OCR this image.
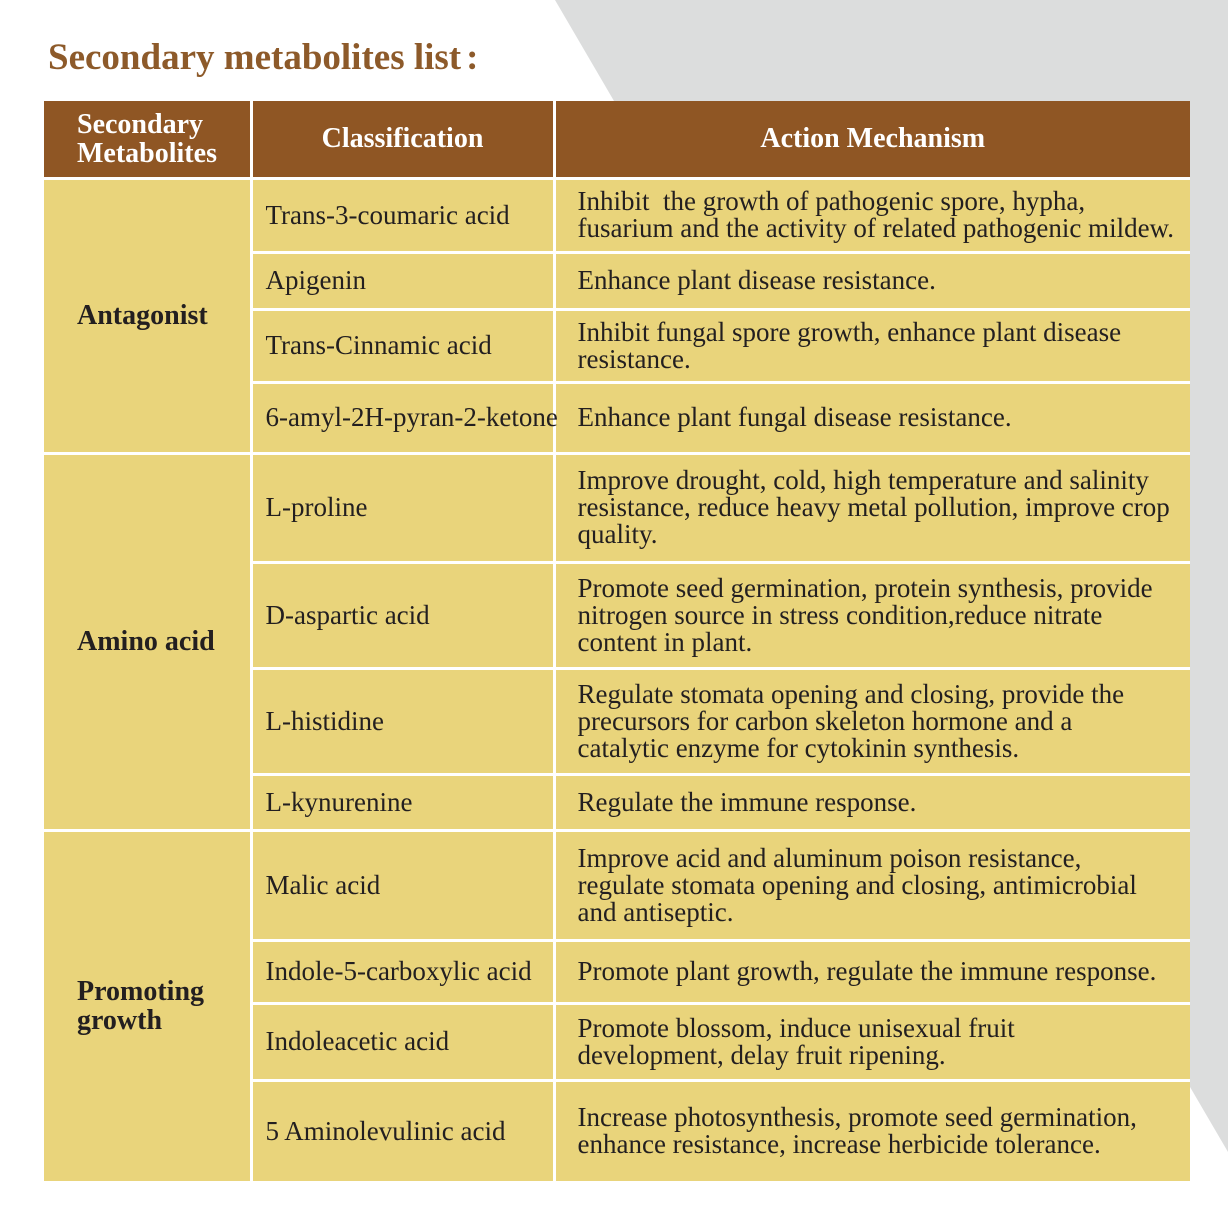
Secondary metabolites list
Secondary Metabolites	Classification	Action Mechanism
Antagonist	Trans-3-coumaric acid	Inhibit  the growth of pathogenic spore, hypha,
fusarium and the activity of related pathogenic mildew.
	Apigenin	Enhance plant disease resistance.
	Trans-Cinnamic acid	Inhibit fungal spore growth, enhance plant disease
resistance.
	6-amyl-2H-pyran-2-ketone	Enhance plant fungal disease resistance.
Amino acid	L-proline	Improve drought, cold, high temperature and salinity
resistance, reduce heavy metal pollution, improve crop
quality.
	D-aspartic acid	Promote seed germination, protein synthesis, provide
nitrogen source in stress condition,reduce nitrate
content in plant.
	L-histidine	Regulate stomata opening and closing, provide the
precursors for carbon skeleton hormone and a
catalytic enzyme for cytokinin synthesis.
	L-kynurenine	Regulate the immune response.
Promoting growth	Malic acid	Improve acid and aluminum poison resistance,
regulate stomata opening and closing, antimicrobial
and antiseptic.
	Indole-5-carboxylic acid	Promote plant growth, regulate the immune response.
	Indoleacetic acid	Promote blossom, induce unisexual fruit
development, delay fruit ripening.
	5 Aminolevulinic acid	Increase photosynthesis, promote seed germination,
enhance resistance, increase herbicide tolerance.
